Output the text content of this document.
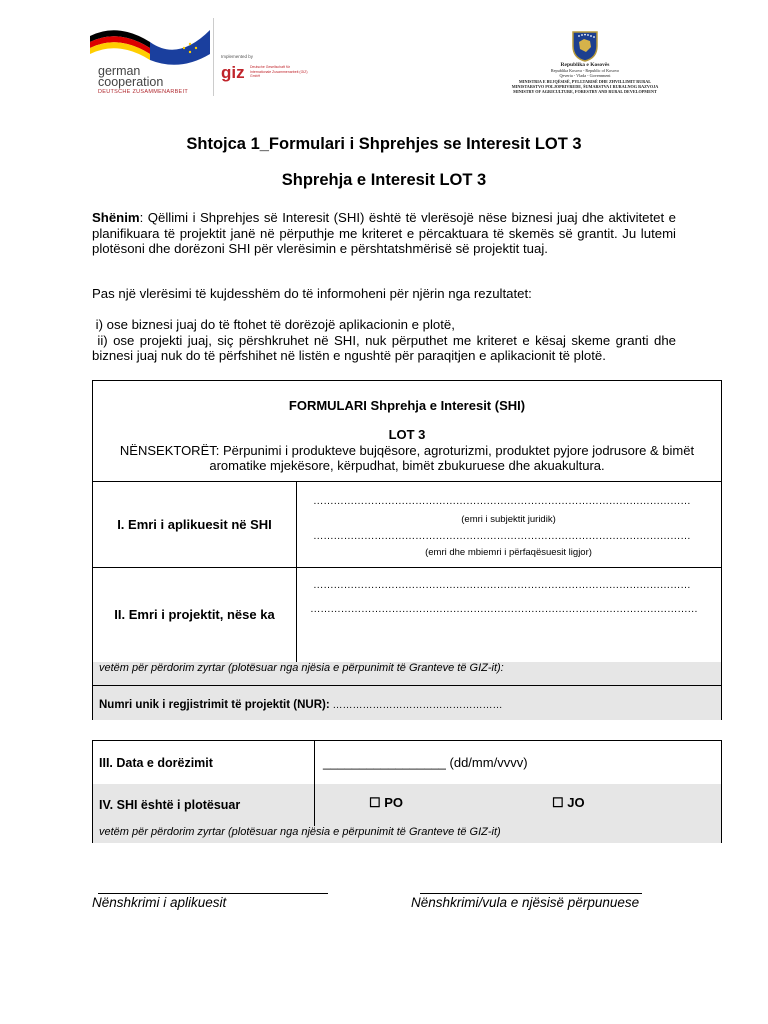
german
cooperation
DEUTSCHE ZUSAMMENARBEIT
Implemented by
giz Deutsche Gesellschaft für Internationale Zusammenarbeit (GIZ) GmbH
Republika e Kosovës
Republika Kosova - Republic of Kosovo
Qeveria - Vlada - Government
MINISTRIA E BUJQËSISË, PYLLTARISË DHE ZHVILLIMIT RURAL
MINISTARSTVO POLJOPRIVREDE, ŠUMARSTVA I RURALNOG RAZVOJA
MINISTRY OF AGRICULTURE, FORESTRY AND RURAL DEVELOPMENT
Shtojca 1_Formulari i Shprehjes se Interesit LOT 3
Shprehja e Interesit LOT 3
Shënim: Qëllimi i Shprehjes së Interesit (SHI) është të vlerësojë nëse biznesi juaj dhe aktivitetet e planifikuara të projektit janë në përputhje me kriteret e përcaktuara të skemës së grantit. Ju lutemi plotësoni dhe dorëzoni SHI për vlerësimin e përshtatshmërisë së projektit tuaj.
Pas një vlerësimi të kujdesshëm do të informoheni për njërin nga rezultatet:
i) ose biznesi juaj do të ftohet të dorëzojë aplikacionin e plotë,
ii) ose projekti juaj, siç përshkruhet në SHI, nuk përputhet me kriteret e kësaj skeme granti dhe biznesi juaj nuk do të përfshihet në listën e ngushtë për paraqitjen e aplikacionit të plotë.
FORMULARI Shprehja e Interesit (SHI)
LOT 3
NËNSEKTORËT: Përpunimi i produkteve bujqësore, agroturizmi, produktet pyjore jodrusore & bimët aromatike mjekësore, kërpudhat, bimët zbukuruese dhe akuakultura.
I. Emri i aplikuesit në SHI
…………………………………………………………………………………………………
(emri i subjektit juridik)
…………………………………………………………………………………………………
(emri dhe mbiemri i përfaqësuesit ligjor)
II. Emri i projektit, nëse ka
…………………………………………………………………………………………………
……………………………………………………………………………………………………
vetëm për përdorim zyrtar (plotësuar nga njësia e përpunimit të Granteve të GIZ-it):
Numri unik i regjistrimit të projektit (NUR): ……………………………………………
III. Data e dorëzimit	_________________ (dd/mm/vvvv)
IV. SHI është i plotësuar	☐ PO	☐ JO
vetëm për përdorim zyrtar (plotësuar nga njësia e përpunimit të Granteve të GIZ-it)
Nënshkrimi i aplikuesit	Nënshkrimi/vula e njësisë përpunuese
